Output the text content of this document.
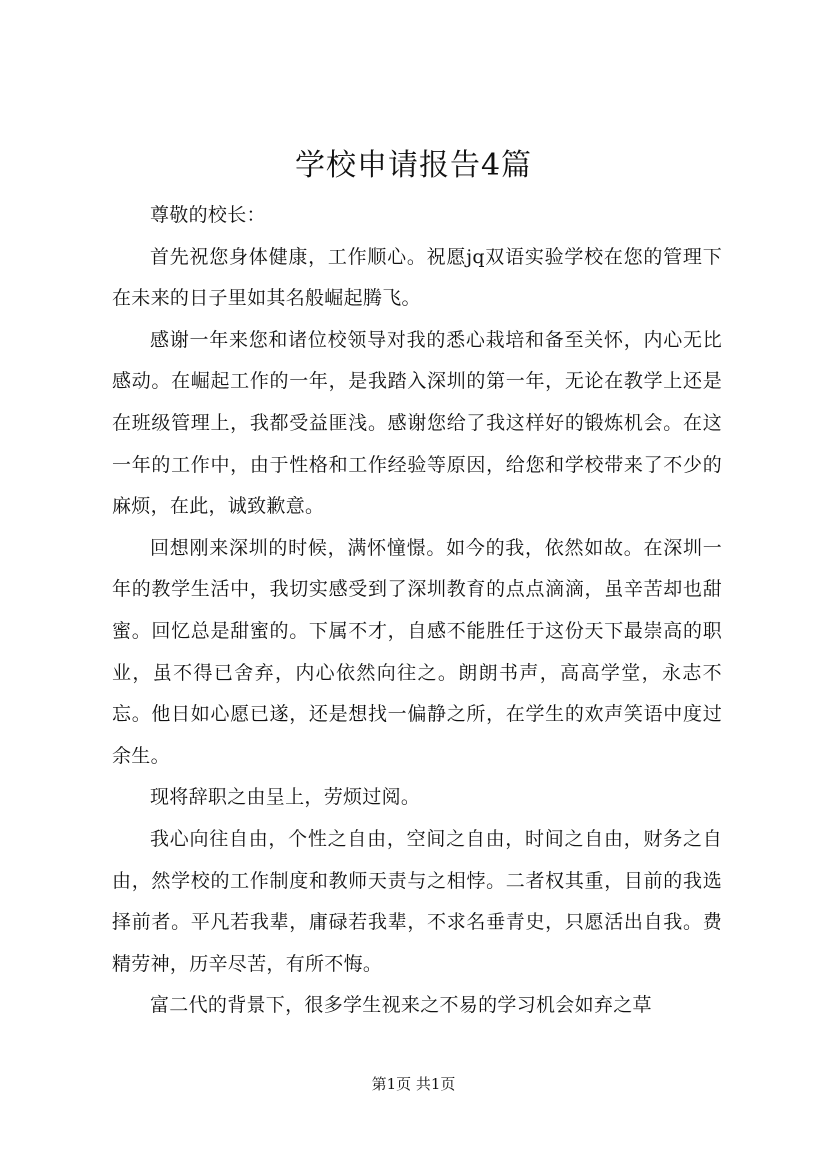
学校申请报告4篇

尊敬的校长：

首先祝您身体健康，工作顺心。祝愿jq双语实验学校在您的管理下在未来的日子里如其名般崛起腾飞。

感谢一年来您和诸位校领导对我的悉心栽培和备至关怀，内心无比感动。在崛起工作的一年，是我踏入深圳的第一年，无论在教学上还是在班级管理上，我都受益匪浅。感谢您给了我这样好的锻炼机会。在这一年的工作中，由于性格和工作经验等原因，给您和学校带来了不少的麻烦，在此，诚致歉意。

回想刚来深圳的时候，满怀憧憬。如今的我，依然如故。在深圳一年的教学生活中，我切实感受到了深圳教育的点点滴滴，虽辛苦却也甜蜜。回忆总是甜蜜的。下属不才，自感不能胜任于这份天下最崇高的职业，虽不得已舍弃，内心依然向往之。朗朗书声，高高学堂，永志不忘。他日如心愿已遂，还是想找一偏静之所，在学生的欢声笑语中度过余生。

现将辞职之由呈上，劳烦过阅。

我心向往自由，个性之自由，空间之自由，时间之自由，财务之自由，然学校的工作制度和教师天责与之相悖。二者权其重，目前的我选择前者。平凡若我辈，庸碌若我辈，不求名垂青史，只愿活出自我。费精劳神，历辛尽苦，有所不悔。

富二代的背景下，很多学生视来之不易的学习机会如弃之草

第1页 共1页
